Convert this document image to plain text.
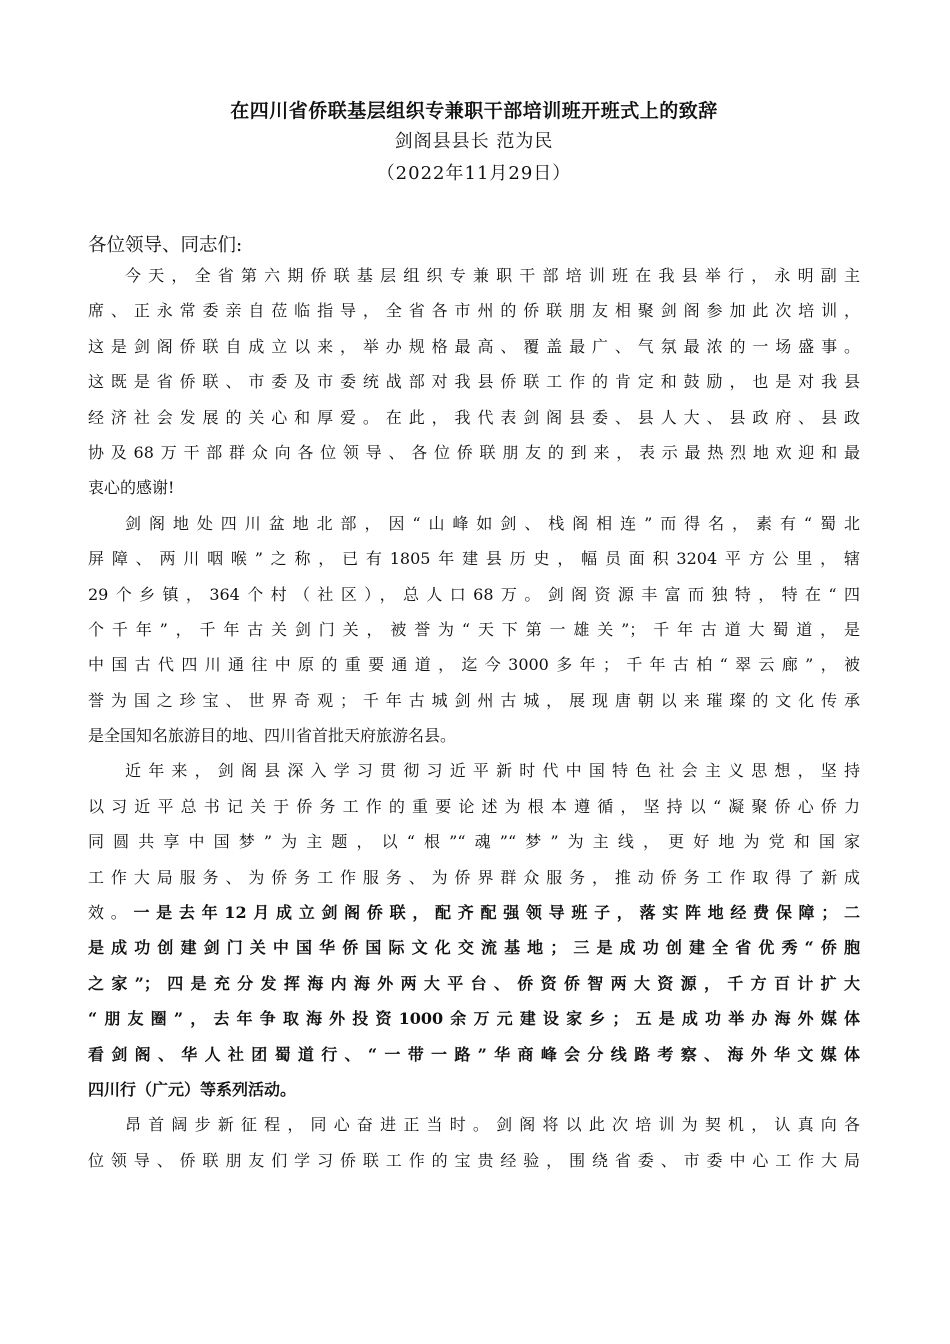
在四川省侨联基层组织专兼职干部培训班开班式上的致辞

剑阁县县长 范为民

（2022年11月29日）

各位领导、同志们:

今天，全省第六期侨联基层组织专兼职干部培训班在我县举行，永明副主
席、正永常委亲自莅临指导，全省各市州的侨联朋友相聚剑阁参加此次培训，
这是剑阁侨联自成立以来，举办规格最高、覆盖最广、气氛最浓的一场盛事。
这既是省侨联、市委及市委统战部对我县侨联工作的肯定和鼓励，也是对我县
经济社会发展的关心和厚爱。在此，我代表剑阁县委、县人大、县政府、县政
协及68万干部群众向各位领导、各位侨联朋友的到来，表示最热烈地欢迎和最
衷心的感谢!
剑阁地处四川盆地北部，因“山峰如剑、栈阁相连”而得名，素有“蜀北
屏障、两川咽喉”之称，已有1805年建县历史，幅员面积3204平方公里，辖
29个乡镇，364个村（社区），总人口68万。剑阁资源丰富而独特，特在“四
个千年”，千年古关剑门关，被誉为“天下第一雄关”；千年古道大蜀道，是
中国古代四川通往中原的重要通道，迄今3000多年；千年古柏“翠云廊”，被
誉为国之珍宝、世界奇观；千年古城剑州古城，展现唐朝以来璀璨的文化传承
是全国知名旅游目的地、四川省首批天府旅游名县。
近年来，剑阁县深入学习贯彻习近平新时代中国特色社会主义思想，坚持
以习近平总书记关于侨务工作的重要论述为根本遵循，坚持以“凝聚侨心侨力
同圆共享中国梦”为主题，以“根”“魂”“梦”为主线，更好地为党和国家
工作大局服务、为侨务工作服务、为侨界群众服务，推动侨务工作取得了新成
效。一是去年12月成立剑阁侨联，配齐配强领导班子，落实阵地经费保障；二
是成功创建剑门关中国华侨国际文化交流基地；三是成功创建全省优秀“侨胞
之家”；四是充分发挥海内海外两大平台、侨资侨智两大资源，千方百计扩大
“朋友圈”，去年争取海外投资1000余万元建设家乡；五是成功举办海外媒体
看剑阁、华人社团蜀道行、“一带一路”华商峰会分线路考察、海外华文媒体
四川行（广元）等系列活动。
昂首阔步新征程，同心奋进正当时。剑阁将以此次培训为契机，认真向各
位领导、侨联朋友们学习侨联工作的宝贵经验，围绕省委、市委中心工作大局
